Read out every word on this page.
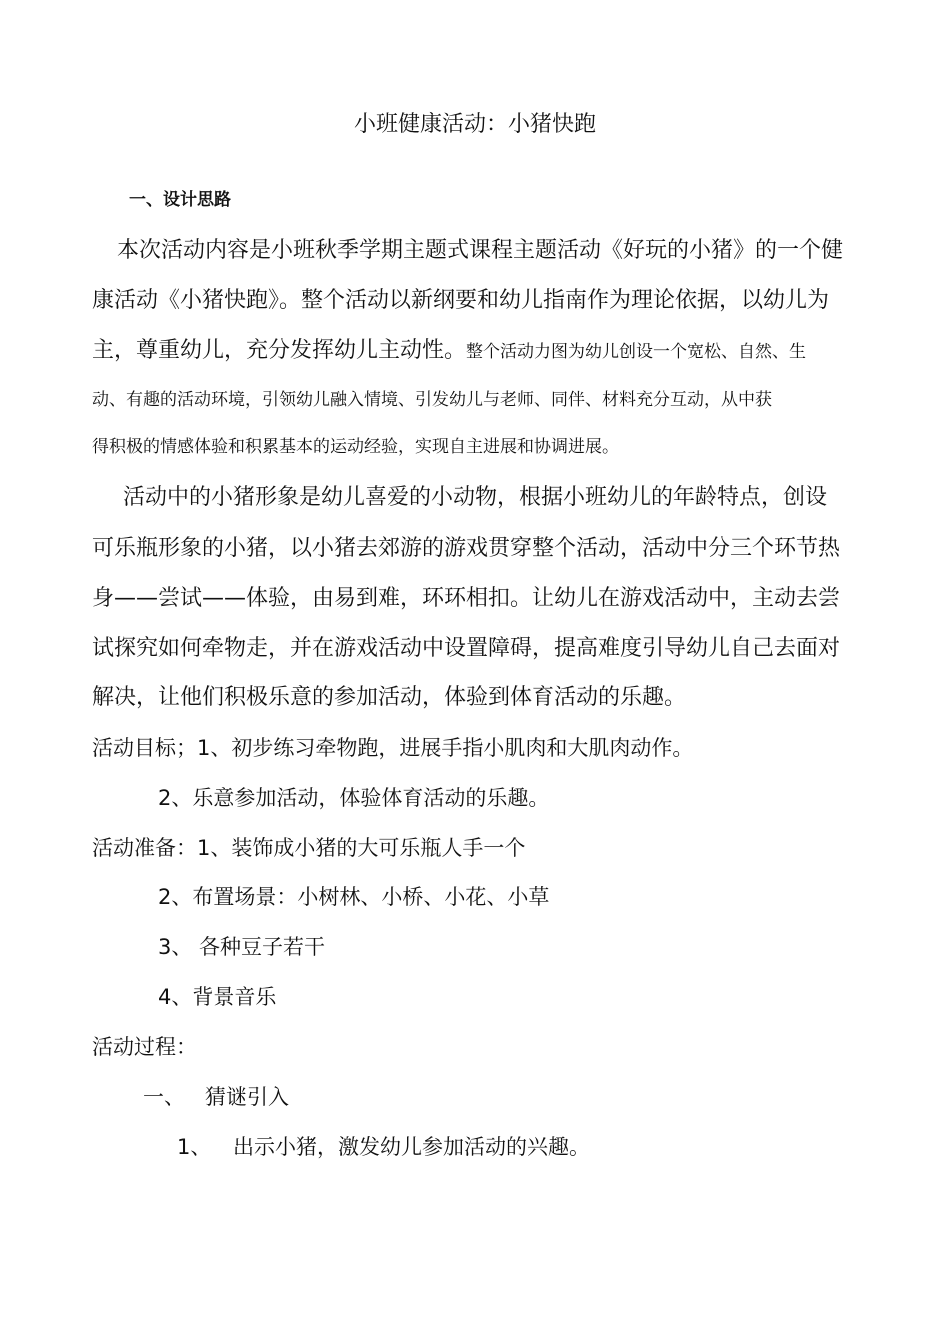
小班健康活动：小猪快跑
一、设计思路
本次活动内容是小班秋季学期主题式课程主题活动《好玩的小猪》的一个健
康活动《小猪快跑》。整个活动以新纲要和幼儿指南作为理论依据，以幼儿为
主，尊重幼儿，充分发挥幼儿主动性。整个活动力图为幼儿创设一个宽松、自然、生
动、有趣的活动环境，引领幼儿融入情境、引发幼儿与老师、同伴、材料充分互动，从中获
得积极的情感体验和积累基本的运动经验，实现自主进展和协调进展。
活动中的小猪形象是幼儿喜爱的小动物，根据小班幼儿的年龄特点，创设
可乐瓶形象的小猪，以小猪去郊游的游戏贯穿整个活动，活动中分三个环节热
身——尝试——体验，由易到难，环环相扣。让幼儿在游戏活动中，主动去尝
试探究如何牵物走，并在游戏活动中设置障碍，提高难度引导幼儿自己去面对
解决，让他们积极乐意的参加活动，体验到体育活动的乐趣。
活动目标；1、初步练习牵物跑，进展手指小肌肉和大肌肉动作。
2、乐意参加活动，体验体育活动的乐趣。
活动准备：1、装饰成小猪的大可乐瓶人手一个
2、布置场景：小树林、小桥、小花、小草
3、 各种豆子若干
4、背景音乐
活动过程：
一、 猜谜引入
1、 出示小猪，激发幼儿参加活动的兴趣。
